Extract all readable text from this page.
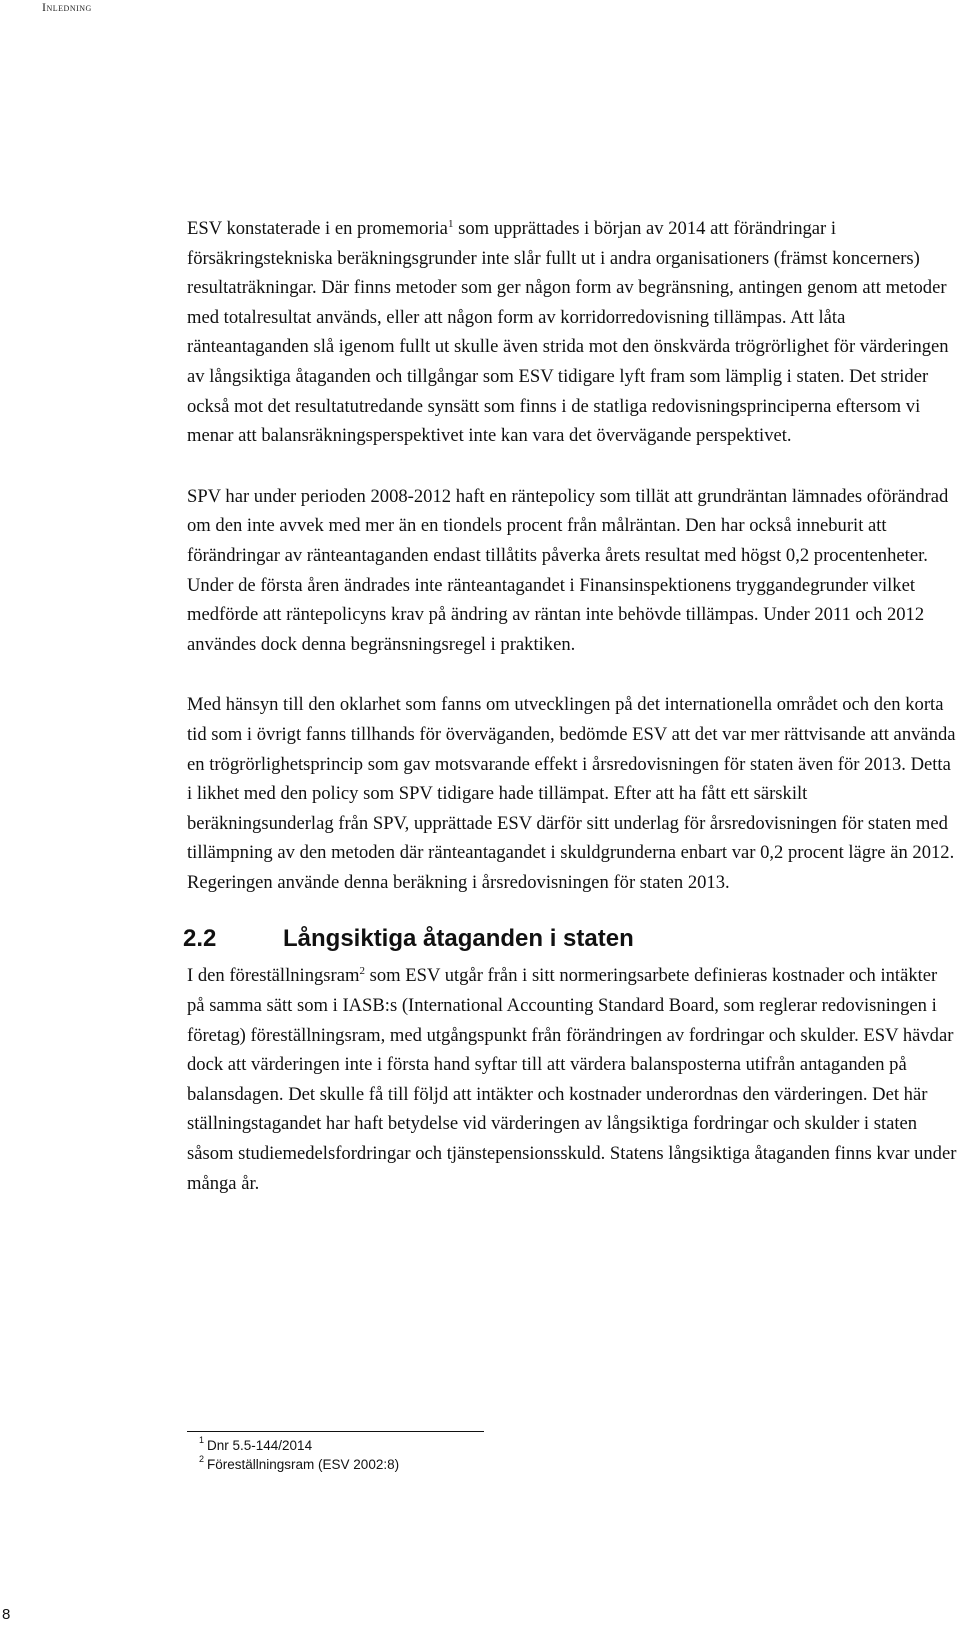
Inledning

ESV konstaterade i en promemoria$^1$ som upprättades i början av 2014 att förändringar i försäkringstekniska beräkningsgrunder inte slår fullt ut i andra organisationers (främst koncerners) resultaträkningar. Där finns metoder som ger någon form av begränsning, antingen genom att metoder med totalresultat används, eller att någon form av korridorredovisning tillämpas. Att låta ränteantaganden slå igenom fullt ut skulle även strida mot den önskvärda trögrörlighet för värderingen av långsiktiga åtaganden och tillgångar som ESV tidigare lyft fram som lämplig i staten. Det strider också mot det resultatutredande synsätt som finns i de statliga redovisningsprinciperna eftersom vi menar att balansräkningsperspektivet inte kan vara det övervägande perspektivet.

SPV har under perioden 2008-2012 haft en räntepolicy som tillät att grundräntan lämnades oförändrad om den inte avvek med mer än en tiondels procent från målräntan. Den har också inneburit att förändringar av ränteantaganden endast tillåtits påverka årets resultat med högst 0,2 procentenheter. Under de första åren ändrades inte ränteantagandet i Finansinspektionens tryggandegrunder vilket medförde att räntepolicyns krav på ändring av räntan inte behövde tillämpas. Under 2011 och 2012 användes dock denna begränsningsregel i praktiken.

Med hänsyn till den oklarhet som fanns om utvecklingen på det internationella området och den korta tid som i övrigt fanns tillhands för överväganden, bedömde ESV att det var mer rättvisande att använda en trögrörlighetsprincip som gav motsvarande effekt i årsredovisningen för staten även för 2013. Detta i likhet med den policy som SPV tidigare hade tillämpat. Efter att ha fått ett särskilt beräkningsunderlag från SPV, upprättade ESV därför sitt underlag för årsredovisningen för staten med tillämpning av den metoden där ränteantagandet i skuldgrunderna enbart var 0,2 procent lägre än 2012. Regeringen använde denna beräkning i årsredovisningen för staten 2013.

2.2	Långsiktiga åtaganden i staten

I den föreställningsram$^2$ som ESV utgår från i sitt normeringsarbete definieras kostnader och intäkter på samma sätt som i IASB:s (International Accounting Standard Board, som reglerar redovisningen i företag) föreställningsram, med utgångspunkt från förändringen av fordringar och skulder. ESV hävdar dock att värderingen inte i första hand syftar till att värdera balansposterna utifrån antaganden på balansdagen. Det skulle få till följd att intäkter och kostnader underordnas den värderingen. Det här ställningstagandet har haft betydelse vid värderingen av långsiktiga fordringar och skulder i staten såsom studiemedelsfordringar och tjänstepensionsskuld. Statens långsiktiga åtaganden finns kvar under många år.

1 Dnr 5.5-144/2014
2 Föreställningsram (ESV 2002:8)
8
